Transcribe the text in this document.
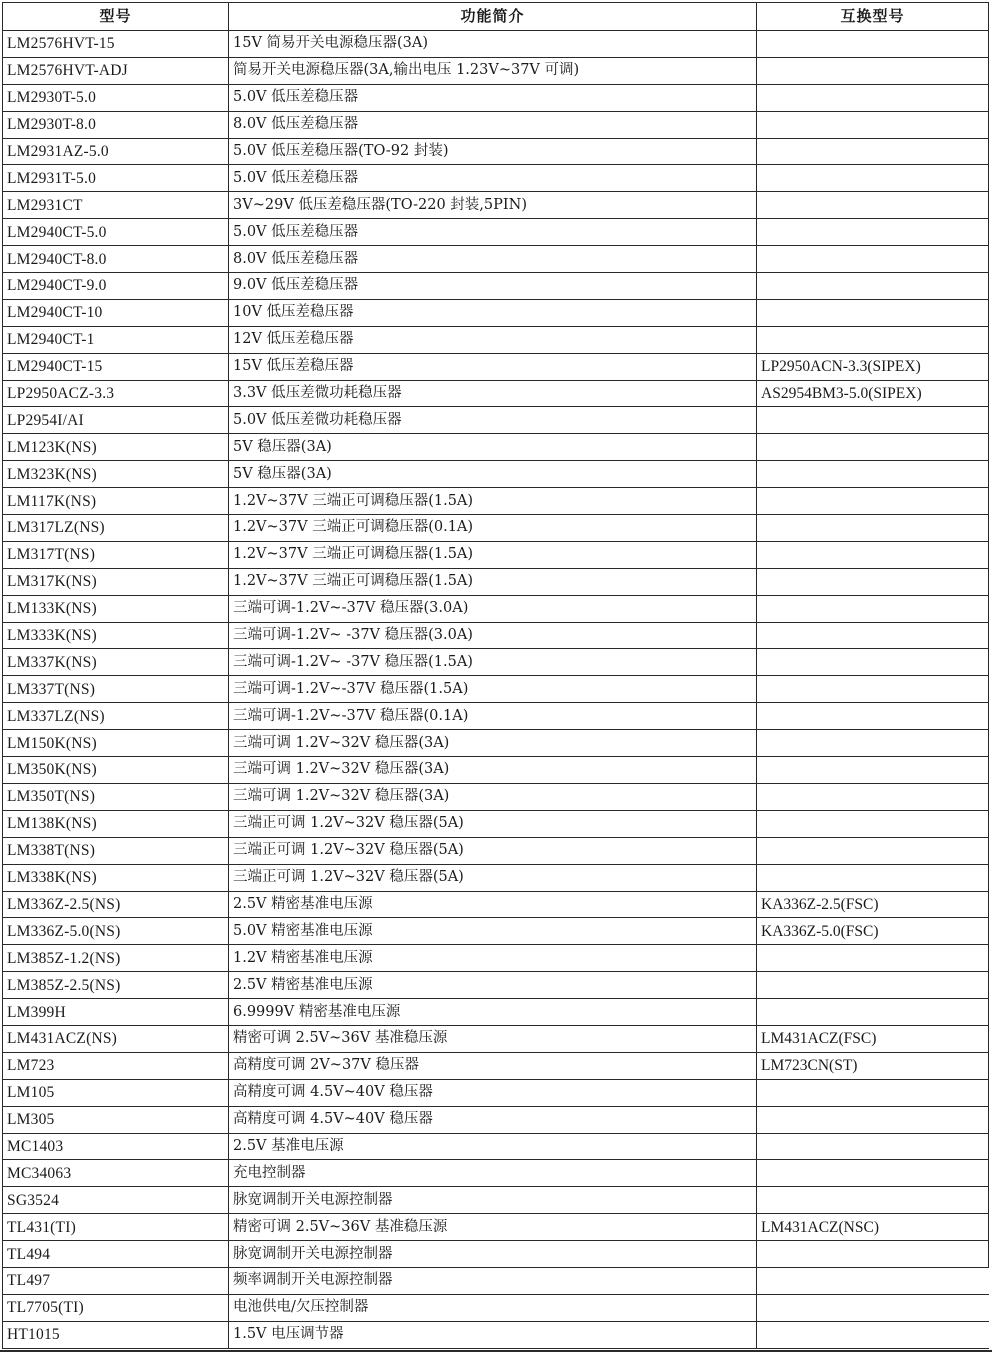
型号	功能简介	互换型号
LM2576HVT-15	15V 简易开关电源稳压器(3A)	
LM2576HVT-ADJ	简易开关电源稳压器(3A,输出电压 1.23V~37V 可调)	
LM2930T-5.0	5.0V 低压差稳压器	
LM2930T-8.0	8.0V 低压差稳压器	
LM2931AZ-5.0	5.0V 低压差稳压器(TO-92 封装)	
LM2931T-5.0	5.0V 低压差稳压器	
LM2931CT	3V~29V 低压差稳压器(TO-220 封装,5PIN)	
LM2940CT-5.0	5.0V 低压差稳压器	
LM2940CT-8.0	8.0V 低压差稳压器	
LM2940CT-9.0	9.0V 低压差稳压器	
LM2940CT-10	10V 低压差稳压器	
LM2940CT-1	12V 低压差稳压器	
LM2940CT-15	15V 低压差稳压器	LP2950ACN-3.3(SIPEX)
LP2950ACZ-3.3	3.3V 低压差微功耗稳压器	AS2954BM3-5.0(SIPEX)
LP2954I/AI	5.0V 低压差微功耗稳压器	
LM123K(NS)	5V 稳压器(3A)	
LM323K(NS)	5V 稳压器(3A)	
LM117K(NS)	1.2V~37V 三端正可调稳压器(1.5A)	
LM317LZ(NS)	1.2V~37V 三端正可调稳压器(0.1A)	
LM317T(NS)	1.2V~37V 三端正可调稳压器(1.5A)	
LM317K(NS)	1.2V~37V 三端正可调稳压器(1.5A)	
LM133K(NS)	三端可调-1.2V~-37V 稳压器(3.0A)	
LM333K(NS)	三端可调-1.2V~ -37V 稳压器(3.0A)	
LM337K(NS)	三端可调-1.2V~ -37V 稳压器(1.5A)	
LM337T(NS)	三端可调-1.2V~-37V 稳压器(1.5A)	
LM337LZ(NS)	三端可调-1.2V~-37V 稳压器(0.1A)	
LM150K(NS)	三端可调 1.2V~32V 稳压器(3A)	
LM350K(NS)	三端可调 1.2V~32V 稳压器(3A)	
LM350T(NS)	三端可调 1.2V~32V 稳压器(3A)	
LM138K(NS)	三端正可调 1.2V~32V 稳压器(5A)	
LM338T(NS)	三端正可调 1.2V~32V 稳压器(5A)	
LM338K(NS)	三端正可调 1.2V~32V 稳压器(5A)	
LM336Z-2.5(NS)	2.5V 精密基准电压源	KA336Z-2.5(FSC)
LM336Z-5.0(NS)	5.0V 精密基准电压源	KA336Z-5.0(FSC)
LM385Z-1.2(NS)	1.2V 精密基准电压源	
LM385Z-2.5(NS)	2.5V 精密基准电压源	
LM399H	6.9999V 精密基准电压源	
LM431ACZ(NS)	精密可调 2.5V~36V 基准稳压源	LM431ACZ(FSC)
LM723	高精度可调 2V~37V 稳压器	LM723CN(ST)
LM105	高精度可调 4.5V~40V 稳压器	
LM305	高精度可调 4.5V~40V 稳压器	
MC1403	2.5V 基准电压源	
MC34063	充电控制器	
SG3524	脉宽调制开关电源控制器	
TL431(TI)	精密可调 2.5V~36V 基准稳压源	LM431ACZ(NSC)
TL494	脉宽调制开关电源控制器	
TL497	频率调制开关电源控制器	
TL7705(TI)	电池供电/欠压控制器	
HT1015	1.5V 电压调节器	
